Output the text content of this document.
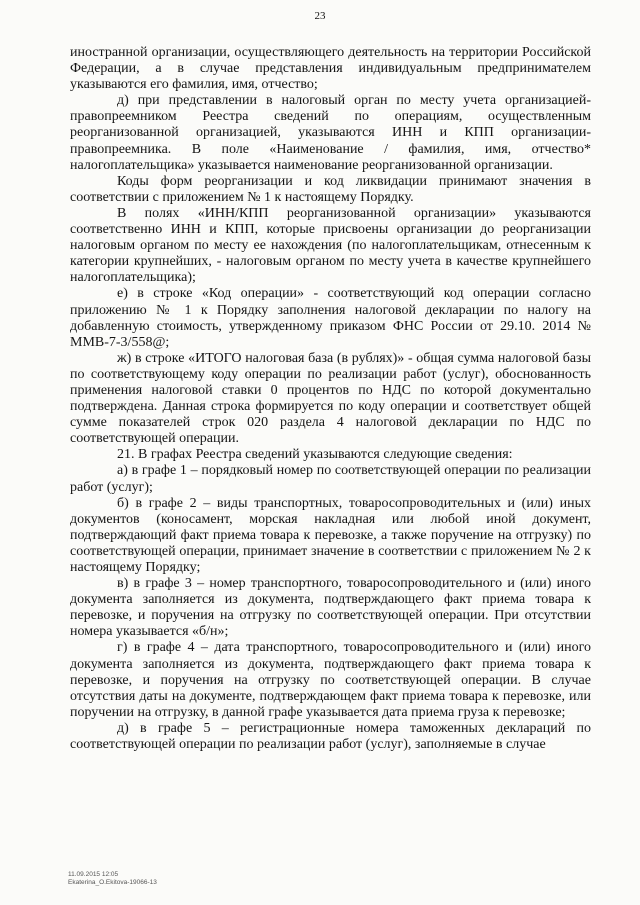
23

иностранной организации, осуществляющего деятельность на территории Российской Федерации, а в случае представления индивидуальным предпринимателем указываются его фамилия, имя, отчество;

д) при представлении в налоговый орган по месту учета организацией-правопреемником Реестра сведений по операциям, осуществленным реорганизованной организацией, указываются ИНН и КПП организации-правопреемника. В поле «Наименование / фамилия, имя, отчество* налогоплательщика» указывается наименование реорганизованной организации.

Коды форм реорганизации и код ликвидации принимают значения в соответствии с приложением № 1 к настоящему Порядку.

В полях «ИНН/КПП реорганизованной организации» указываются соответственно ИНН и КПП, которые присвоены организации до реорганизации налоговым органом по месту ее нахождения (по налогоплательщикам, отнесенным к категории крупнейших, - налоговым органом по месту учета в качестве крупнейшего налогоплательщика);

е) в строке «Код операции» - соответствующий код операции согласно приложению № 1 к Порядку заполнения налоговой декларации по налогу на добавленную стоимость, утвержденному приказом ФНС России от 29.10. 2014 № ММВ-7-3/558@;

ж) в строке «ИТОГО налоговая база (в рублях)» - общая сумма налоговой базы по соответствующему коду операции по реализации работ (услуг), обоснованность применения налоговой ставки 0 процентов по НДС по которой документально подтверждена. Данная строка формируется по коду операции и соответствует общей сумме показателей строк 020 раздела 4 налоговой декларации по НДС по соответствующей операции.

21. В графах Реестра сведений указываются следующие сведения:

а) в графе 1 – порядковый номер по соответствующей операции по реализации работ (услуг);

б) в графе 2 – виды транспортных, товаросопроводительных и (или) иных документов (коносамент, морская накладная или любой иной документ, подтверждающий факт приема товара к перевозке, а также поручение на отгрузку) по соответствующей операции, принимает значение в соответствии с приложением № 2 к настоящему Порядку;

в) в графе 3 – номер транспортного, товаросопроводительного и (или) иного документа заполняется из документа, подтверждающего факт приема товара к перевозке, и поручения на отгрузку по соответствующей операции. При отсутствии номера указывается «б/н»;

г) в графе 4 – дата транспортного, товаросопроводительного и (или) иного документа заполняется из документа, подтверждающего факт приема товара к перевозке, и поручения на отгрузку по соответствующей операции. В случае отсутствия даты на документе, подтверждающем факт приема товара к перевозке, или поручении на отгрузку, в данной графе указывается дата приема груза к перевозке;

д) в графе 5 – регистрационные номера таможенных деклараций по соответствующей операции по реализации работ (услуг), заполняемые в случае

11.09.2015 12:05
Ekaterina_O.Ekitova-19066-13
